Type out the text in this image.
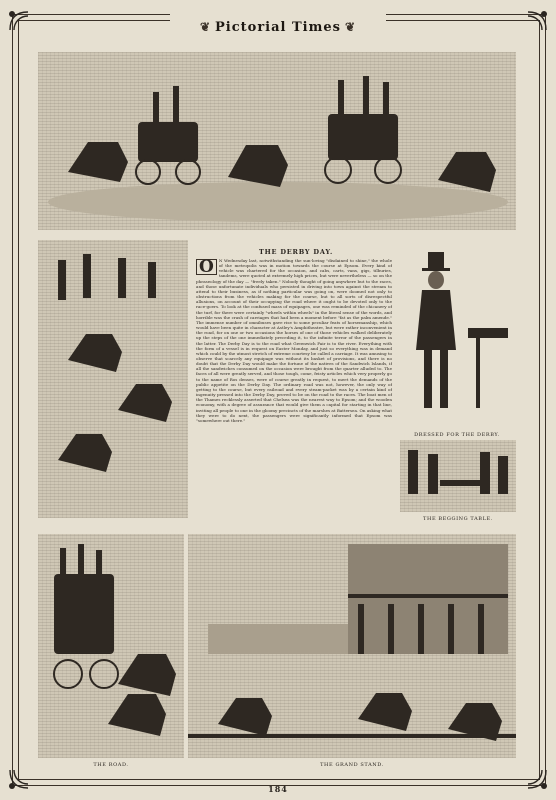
❦ Pictorial Times ❦
THE DERBY DAY.
O	N Wednesday last, notwithstanding the sun-loving "disdained to shine," the whole of the metropolis was in motion towards the course at Epsom. Every kind of vehicle was chartered for the occasion, and cabs, carts, vans, gigs, tilburies, tandems, were quoted at extremely high prices, but were nevertheless — so on the phraseology of the day — "freely taken." Nobody thought of going anywhere but to the races, and those unfortunate individuals who persisted in driving into town against the stream to attend to their business, as if nothing particular was going on, were doomed not only to obstructions from the vehicles making for the course, but to all sorts of disrespectful allusions, on account of their occupying the road where it ought to be devoted only to the race-goers. To look at the confused mass of equipages, one was reminded of the chicanery of the turf, for there were certainly "wheels within wheels" in the literal sense of the words, and horrible was the crash of carriages that had been a moment before "fat as the palm amende." The immense number of omnibuses gave rise to some peculiar feats of horsemanship, which would have been quite in character at Astley's Amphitheatre, but were rather inconvenient in the road, for on one or two occasions the horses of one of those vehicles walked deliberately up the steps of the one immediately preceding it, to the infinite terror of the passengers in the latter. The Derby Day is to the road what Greenwich Fair is to the river. Everything with the form of a vessel is in request on Easter Monday, and just so everything was in demand which could by the utmost stretch of extreme courtesy be called a carriage. It was amusing to observe that scarcely any equipage was without its basket of provisions, and there is no doubt that the Derby Day would make the fortune of the natives of the Sandwich Islands, if all the sandwiches consumed on the occasion were brought from the quarter alluded to. The faces of all were greatly served, and those tough, come, feisty articles which very properly go to the name of Ros denses, were of course greatly in request, to meet the demands of the public appetite on the Derby Day. The ordinary road was not, however, the only way of getting to the course, but every railroad and every steam-packet was by a certain kind of ingenuity pressed into the Derby Day, proved to be on the road to the races. The boat men of the Thames recklessly asserted that Chelsea was the nearest way to Epsom; and the wooden economy, with a degree of assurance that would give them a capital for starting in that line, inviting all people to one in the gloomy precincts of the marshes at Battersea. On asking what they were to do next, the passengers were significantly informed that Epsom was "somewhere out there."
DRESSED FOR THE DERBY.
THE BEGGING TABLE.
THE ROAD.	THE GRAND STAND.
184
